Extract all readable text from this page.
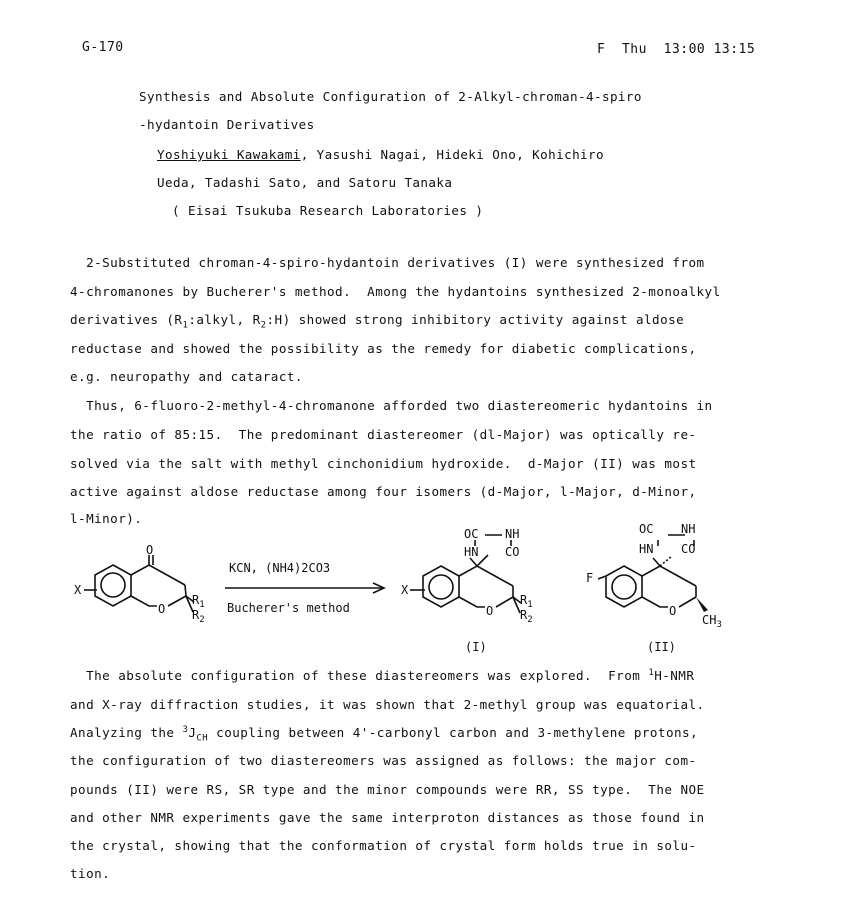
G-170	F  Thu  13:00 13:15
Synthesis and Absolute Configuration of 2-Alkyl-chroman-4-spiro
-hydantoin Derivatives
Yoshiyuki Kawakami, Yasushi Nagai, Hideki Ono, Kohichiro
Ueda, Tadashi Sato, and Satoru Tanaka
( Eisai Tsukuba Research Laboratories )
2-Substituted chroman-4-spiro-hydantoin derivatives (I) were synthesized from
4-chromanones by Bucherer's method.  Among the hydantoins synthesized 2-monoalkyl
derivatives ($R_1:alkyl$, $R_2:H$) showed strong inhibitory activity against aldose
reductase and showed the possibility as the remedy for diabetic complications,
e.g. neuropathy and cataract.
Thus, 6-fluoro-2-methyl-4-chromanone afforded two diastereomeric hydantoins in
the ratio of 85:15.  The predominant diastereomer (dl-Major) was optically re-
solved via the salt with methyl cinchonidium hydroxide.  d-Major (II) was most
active against aldose reductase among four isomers (d-Major, l-Major, d-Minor,
l-Minor).
O
O
X
$R_1$
$R_2$
KCN, (NH4)2CO3
Bucherer's method
OC NH
HN CO
O
X
$R_1$
$R_2$
(I)
OC NH
HN CO
O
F
$CH_3$
(II)
The absolute configuration of these diastereomers was explored.  From $^1$H-NMR
and X-ray diffraction studies, it was shown that 2-methyl group was equatorial.
Analyzing the $^3J_{CH}$ coupling between 4'-carbonyl carbon and 3-methylene protons,
the configuration of two diastereomers was assigned as follows: the major com-
pounds (II) were RS, SR type and the minor compounds were RR, SS type.  The NOE
and other NMR experiments gave the same interproton distances as those found in
the crystal, showing that the conformation of crystal form holds true in solu-
tion.
